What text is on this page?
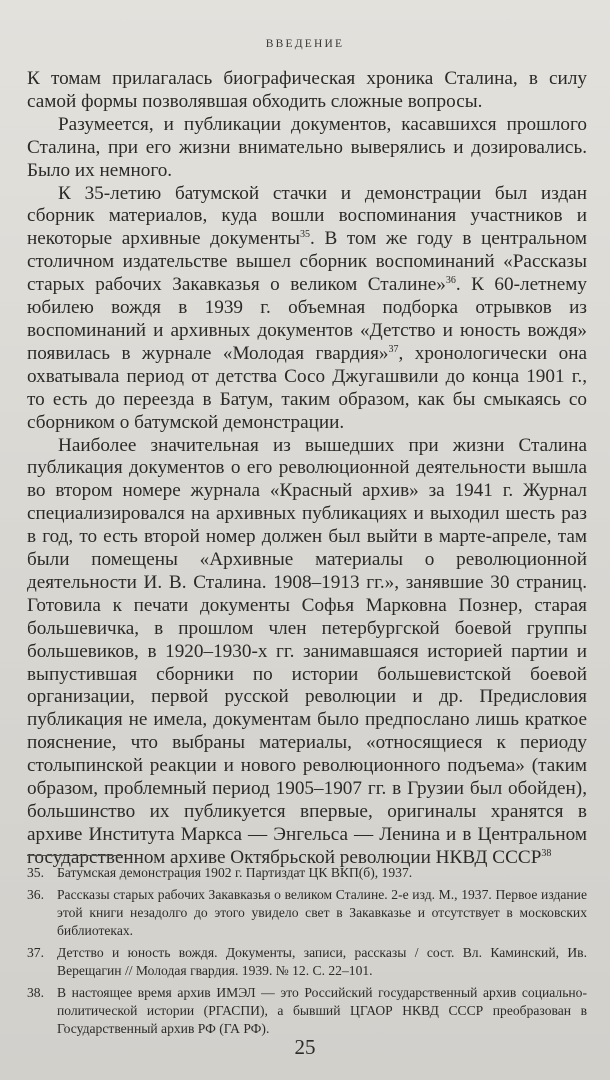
ВВЕДЕНИЕ

К томам прилагалась биографическая хроника Сталина, в силу самой формы позволявшая обходить сложные вопросы.

Разумеется, и публикации документов, касавшихся прошлого Сталина, при его жизни внимательно выверялись и дозировались. Было их немного.

К 35-летию батумской стачки и демонстрации был издан сборник материалов, куда вошли воспоминания участников и некоторые архивные документы$^{35}$. В том же году в центральном столичном издательстве вышел сборник воспоминаний «Рассказы старых рабочих Закавказья о великом Сталине»$^{36}$. К 60-летнему юбилею вождя в 1939 г. объемная подборка отрывков из воспоминаний и архивных документов «Детство и юность вождя» появилась в журнале «Молодая гвардия»$^{37}$, хронологически она охватывала период от детства Сосо Джугашвили до конца 1901 г., то есть до переезда в Батум, таким образом, как бы смыкаясь со сборником о батумской демонстрации.

Наиболее значительная из вышедших при жизни Сталина публикация документов о его революционной деятельности вышла во втором номере журнала «Красный архив» за 1941 г. Журнал специализировался на архивных публикациях и выходил шесть раз в год, то есть второй номер должен был выйти в марте-апреле, там были помещены «Архивные материалы о революционной деятельности И. В. Сталина. 1908–1913 гг.», занявшие 30 страниц. Готовила к печати документы Софья Марковна Познер, старая большевичка, в прошлом член петербургской боевой группы большевиков, в 1920–1930-х гг. занимавшаяся историей партии и выпустившая сборники по истории большевистской боевой организации, первой русской революции и др. Предисловия публикация не имела, документам было предпослано лишь краткое пояснение, что выбраны материалы, «относящиеся к периоду столыпинской реакции и нового революционного подъема» (таким образом, проблемный период 1905–1907 гг. в Грузии был обойден), большинство их публикуется впервые, оригиналы хранятся в архиве Института Маркса — Энгельса — Ленина и в Центральном государственном архиве Октябрьской революции НКВД СССР$^{38}$

35. Батумская демонстрация 1902 г. Партиздат ЦК ВКП(б), 1937.
36. Рассказы старых рабочих Закавказья о великом Сталине. 2-е изд. М., 1937. Первое издание этой книги незадолго до этого увидело свет в Закавказье и отсутствует в московских библиотеках.
37. Детство и юность вождя. Документы, записи, рассказы / сост. Вл. Каминский, Ив. Верещагин // Молодая гвардия. 1939. № 12. С. 22–101.
38. В настоящее время архив ИМЭЛ — это Российский государственный архив социально-политической истории (РГАСПИ), а бывший ЦГАОР НКВД СССР преобразован в Государственный архив РФ (ГА РФ).
25
